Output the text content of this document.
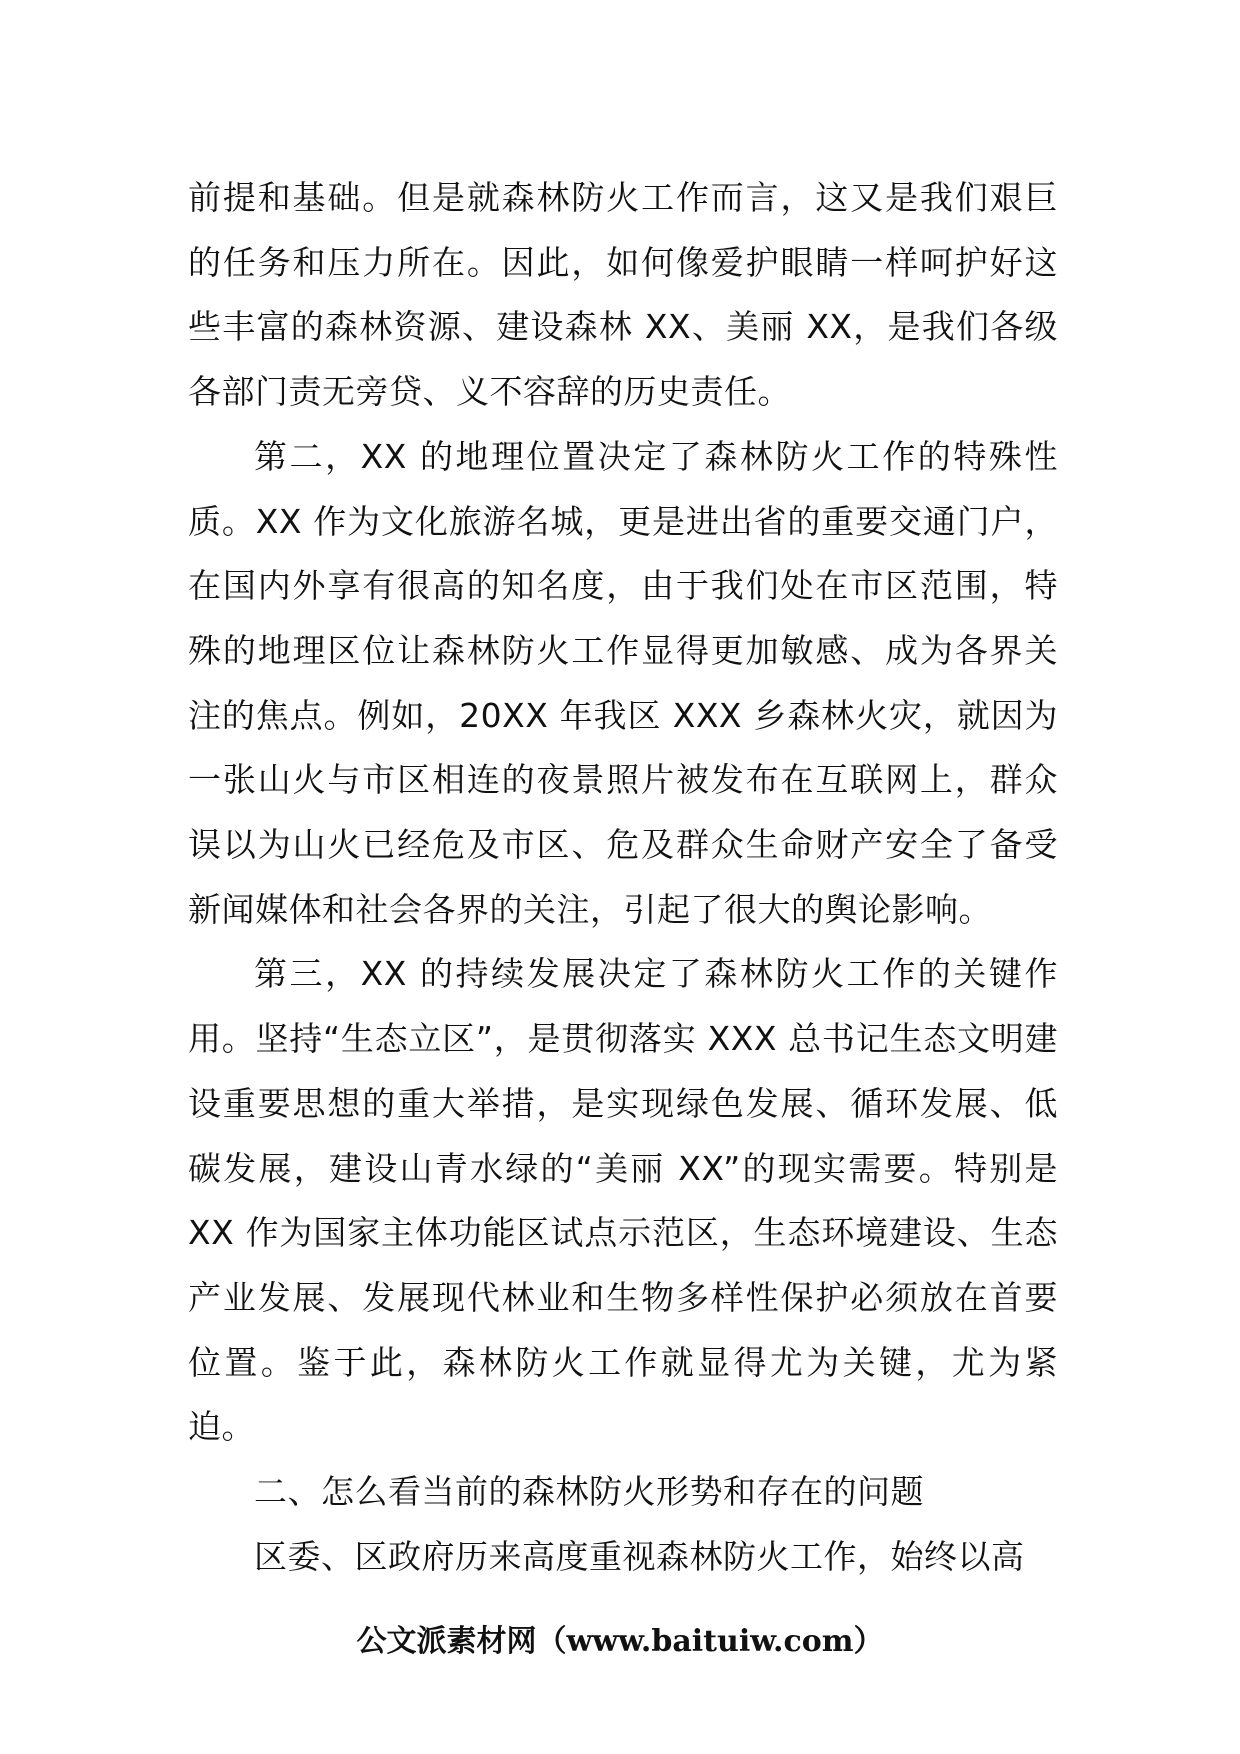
前提和基础。但是就森林防火工作而言，这又是我们艰巨的任务和压力所在。因此，如何像爱护眼睛一样呵护好这些丰富的森林资源、建设森林 XX、美丽 XX，是我们各级各部门责无旁贷、义不容辞的历史责任。

第二，XX 的地理位置决定了森林防火工作的特殊性质。XX 作为文化旅游名城，更是进出省的重要交通门户，在国内外享有很高的知名度，由于我们处在市区范围，特殊的地理区位让森林防火工作显得更加敏感、成为各界关注的焦点。例如，20XX 年我区 XXX 乡森林火灾，就因为一张山火与市区相连的夜景照片被发布在互联网上，群众误以为山火已经危及市区、危及群众生命财产安全了备受新闻媒体和社会各界的关注，引起了很大的舆论影响。

第三，XX 的持续发展决定了森林防火工作的关键作用。坚持“生态立区”，是贯彻落实 XXX 总书记生态文明建设重要思想的重大举措，是实现绿色发展、循环发展、低碳发展，建设山青水绿的“美丽 XX”的现实需要。特别是 XX 作为国家主体功能区试点示范区，生态环境建设、生态产业发展、发展现代林业和生物多样性保护必须放在首要位置。鉴于此，森林防火工作就显得尤为关键，尤为紧迫。

二、怎么看当前的森林防火形势和存在的问题

区委、区政府历来高度重视森林防火工作，始终以高

公文派素材网（www.baituiw.com）
